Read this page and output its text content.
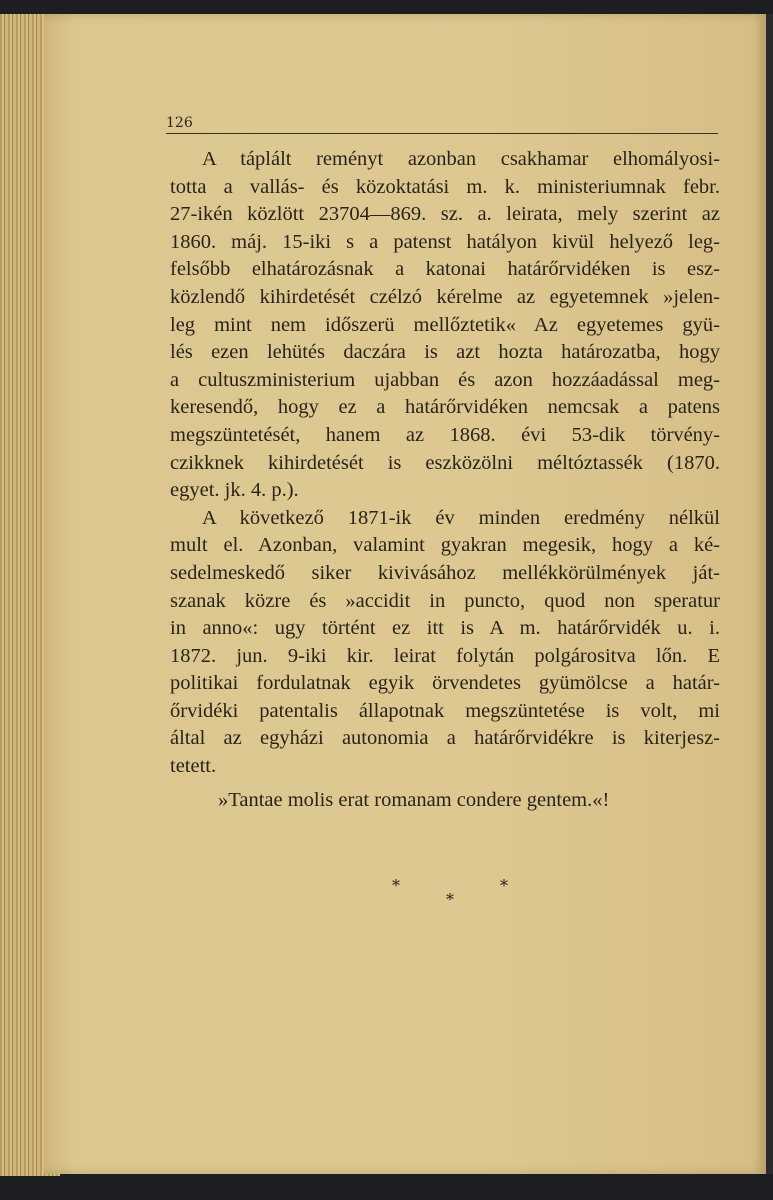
126
A táplált reményt azonban csakhamar elhomályosi-
totta a vallás- és közoktatási m. k. ministeriumnak febr.
27-ikén közlött 23704—869. sz. a. leirata, mely szerint az
1860. máj. 15-iki s a patenst hatályon kivül helyező leg-
felsőbb elhatározásnak a katonai határőrvidéken is esz-
közlendő kihirdetését czélzó kérelme az egyetemnek »jelen-
leg mint nem időszerü mellőztetik« Az egyetemes gyü-
lés ezen lehütés daczára is azt hozta határozatba, hogy
a cultuszministerium ujabban és azon hozzáadással meg-
keresendő, hogy ez a határőrvidéken nemcsak a patens
megszüntetését, hanem az 1868. évi 53-dik törvény-
czikknek kihirdetését is eszközölni méltóztassék (1870.
egyet. jk. 4. p.).
A következő 1871-ik év minden eredmény nélkül
mult el. Azonban, valamint gyakran megesik, hogy a ké-
sedelmeskedő siker kivivásához mellékkörülmények ját-
szanak közre és »accidit in puncto, quod non speratur
in anno«: ugy történt ez itt is A m. határőrvidék u. i.
1872. jun. 9-iki kir. leirat folytán polgárositva lőn. E
politikai fordulatnak egyik örvendetes gyümölcse a határ-
őrvidéki patentalis állapotnak megszüntetése is volt, mi
által az egyházi autonomia a határőrvidékre is kiterjesz-
tetett.
»Tantae molis erat romanam condere gentem.«!
*	*
*
